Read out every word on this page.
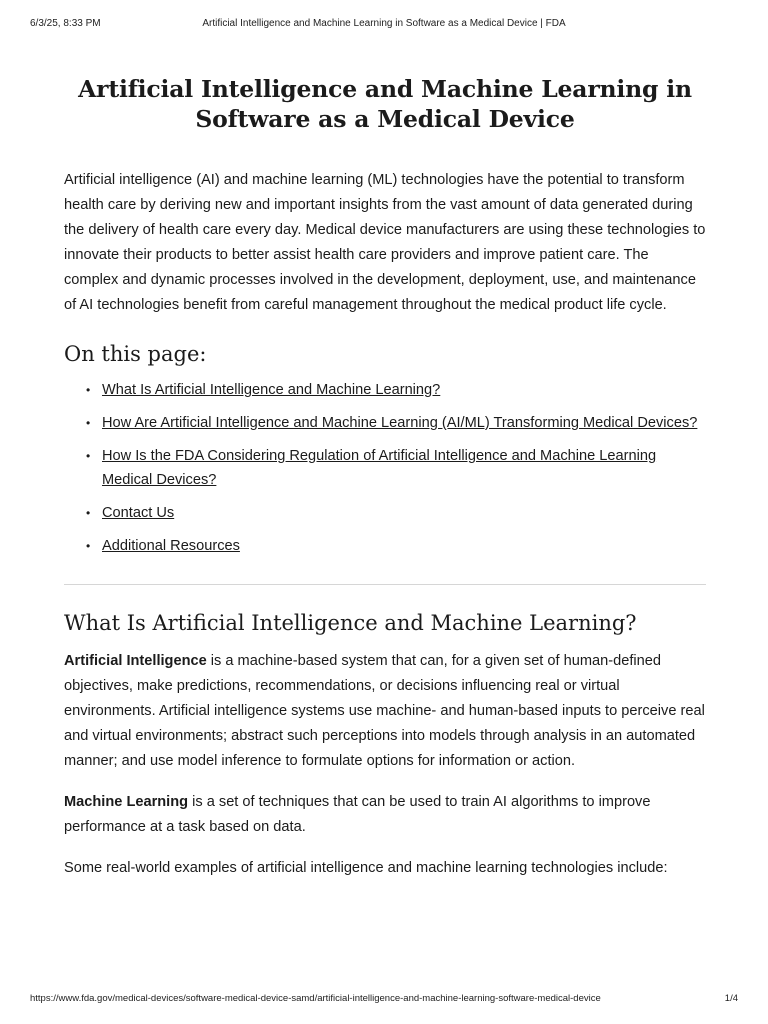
6/3/25, 8:33 PM	Artificial Intelligence and Machine Learning in Software as a Medical Device | FDA
Artificial Intelligence and Machine Learning in Software as a Medical Device

Artificial intelligence (AI) and machine learning (ML) technologies have the potential to transform health care by deriving new and important insights from the vast amount of data generated during the delivery of health care every day. Medical device manufacturers are using these technologies to innovate their products to better assist health care providers and improve patient care. The complex and dynamic processes involved in the development, deployment, use, and maintenance of AI technologies benefit from careful management throughout the medical product life cycle.

On this page:
• What Is Artificial Intelligence and Machine Learning?
• How Are Artificial Intelligence and Machine Learning (AI/ML) Transforming Medical Devices?
• How Is the FDA Considering Regulation of Artificial Intelligence and Machine Learning Medical Devices?
• Contact Us
• Additional Resources
What Is Artificial Intelligence and Machine Learning?

Artificial Intelligence is a machine-based system that can, for a given set of human-defined objectives, make predictions, recommendations, or decisions influencing real or virtual environments. Artificial intelligence systems use machine- and human-based inputs to perceive real and virtual environments; abstract such perceptions into models through analysis in an automated manner; and use model inference to formulate options for information or action.

Machine Learning is a set of techniques that can be used to train AI algorithms to improve performance at a task based on data.

Some real-world examples of artificial intelligence and machine learning technologies include:

https://www.fda.gov/medical-devices/software-medical-device-samd/artificial-intelligence-and-machine-learning-software-medical-device	1/4
